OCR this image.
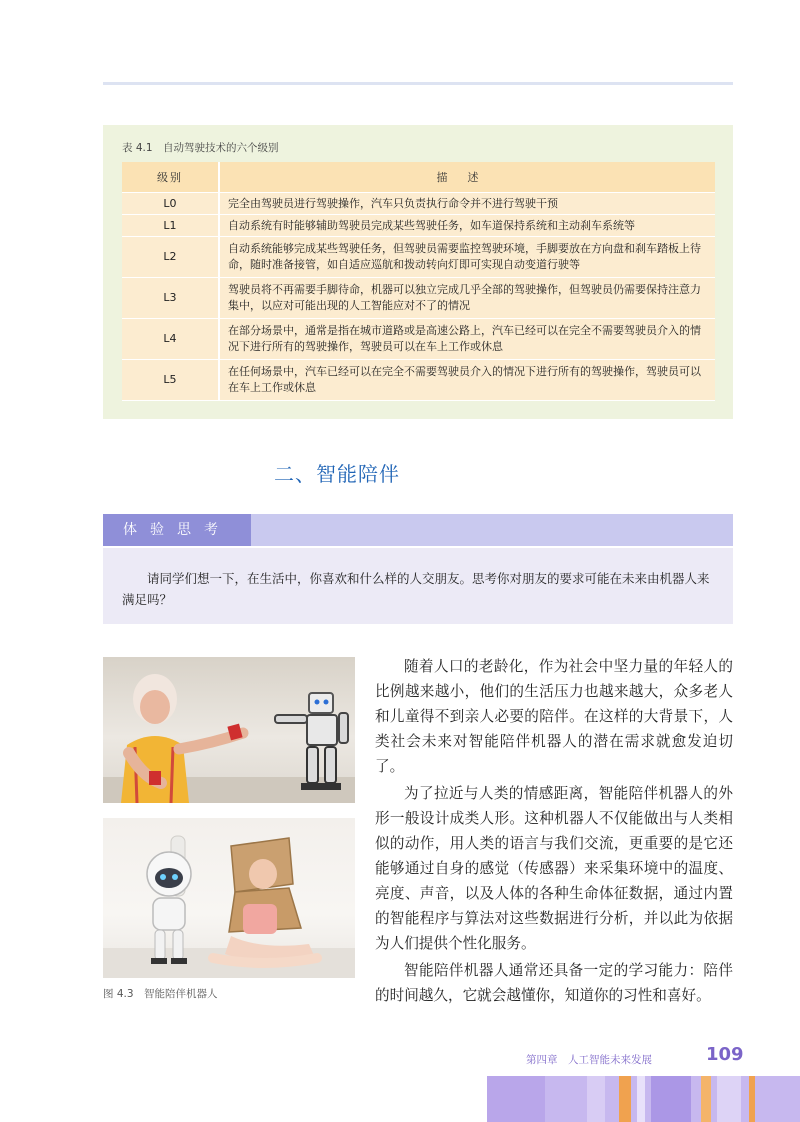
表 4.1　自动驾驶技术的六个级别
级别	描述
L0	完全由驾驶员进行驾驶操作，汽车只负责执行命令并不进行驾驶干预
L1	自动系统有时能够辅助驾驶员完成某些驾驶任务，如车道保持系统和主动刹车系统等
L2	自动系统能够完成某些驾驶任务，但驾驶员需要监控驾驶环境，手脚要放在方向盘和刹车踏板上待命，随时准备接管，如自适应巡航和拨动转向灯即可实现自动变道行驶等
L3	驾驶员将不再需要手脚待命，机器可以独立完成几乎全部的驾驶操作，但驾驶员仍需要保持注意力集中，以应对可能出现的人工智能应对不了的情况
L4	在部分场景中，通常是指在城市道路或是高速公路上，汽车已经可以在完全不需要驾驶员介入的情况下进行所有的驾驶操作，驾驶员可以在车上工作或休息
L5	在任何场景中，汽车已经可以在完全不需要驾驶员介入的情况下进行所有的驾驶操作，驾驶员可以在车上工作或休息
二、智能陪伴
体验思考
请同学们想一下，在生活中，你喜欢和什么样的人交朋友。思考你对朋友的要求可能在未来由机器人来满足吗？
图 4.3　智能陪伴机器人

随着人口的老龄化，作为社会中坚力量的年轻人的比例越来越小，他们的生活压力也越来越大，众多老人和儿童得不到亲人必要的陪伴。在这样的大背景下，人类社会未来对智能陪伴机器人的潜在需求就愈发迫切了。

为了拉近与人类的情感距离，智能陪伴机器人的外形一般设计成类人形。这种机器人不仅能做出与人类相似的动作，用人类的语言与我们交流，更重要的是它还能够通过自身的感觉（传感器）来采集环境中的温度、亮度、声音，以及人体的各种生命体征数据，通过内置的智能程序与算法对这些数据进行分析，并以此为依据为人们提供个性化服务。

智能陪伴机器人通常还具备一定的学习能力：陪伴的时间越久，它就会越懂你，知道你的习性和喜好。

第四章　人工智能未来发展	109
